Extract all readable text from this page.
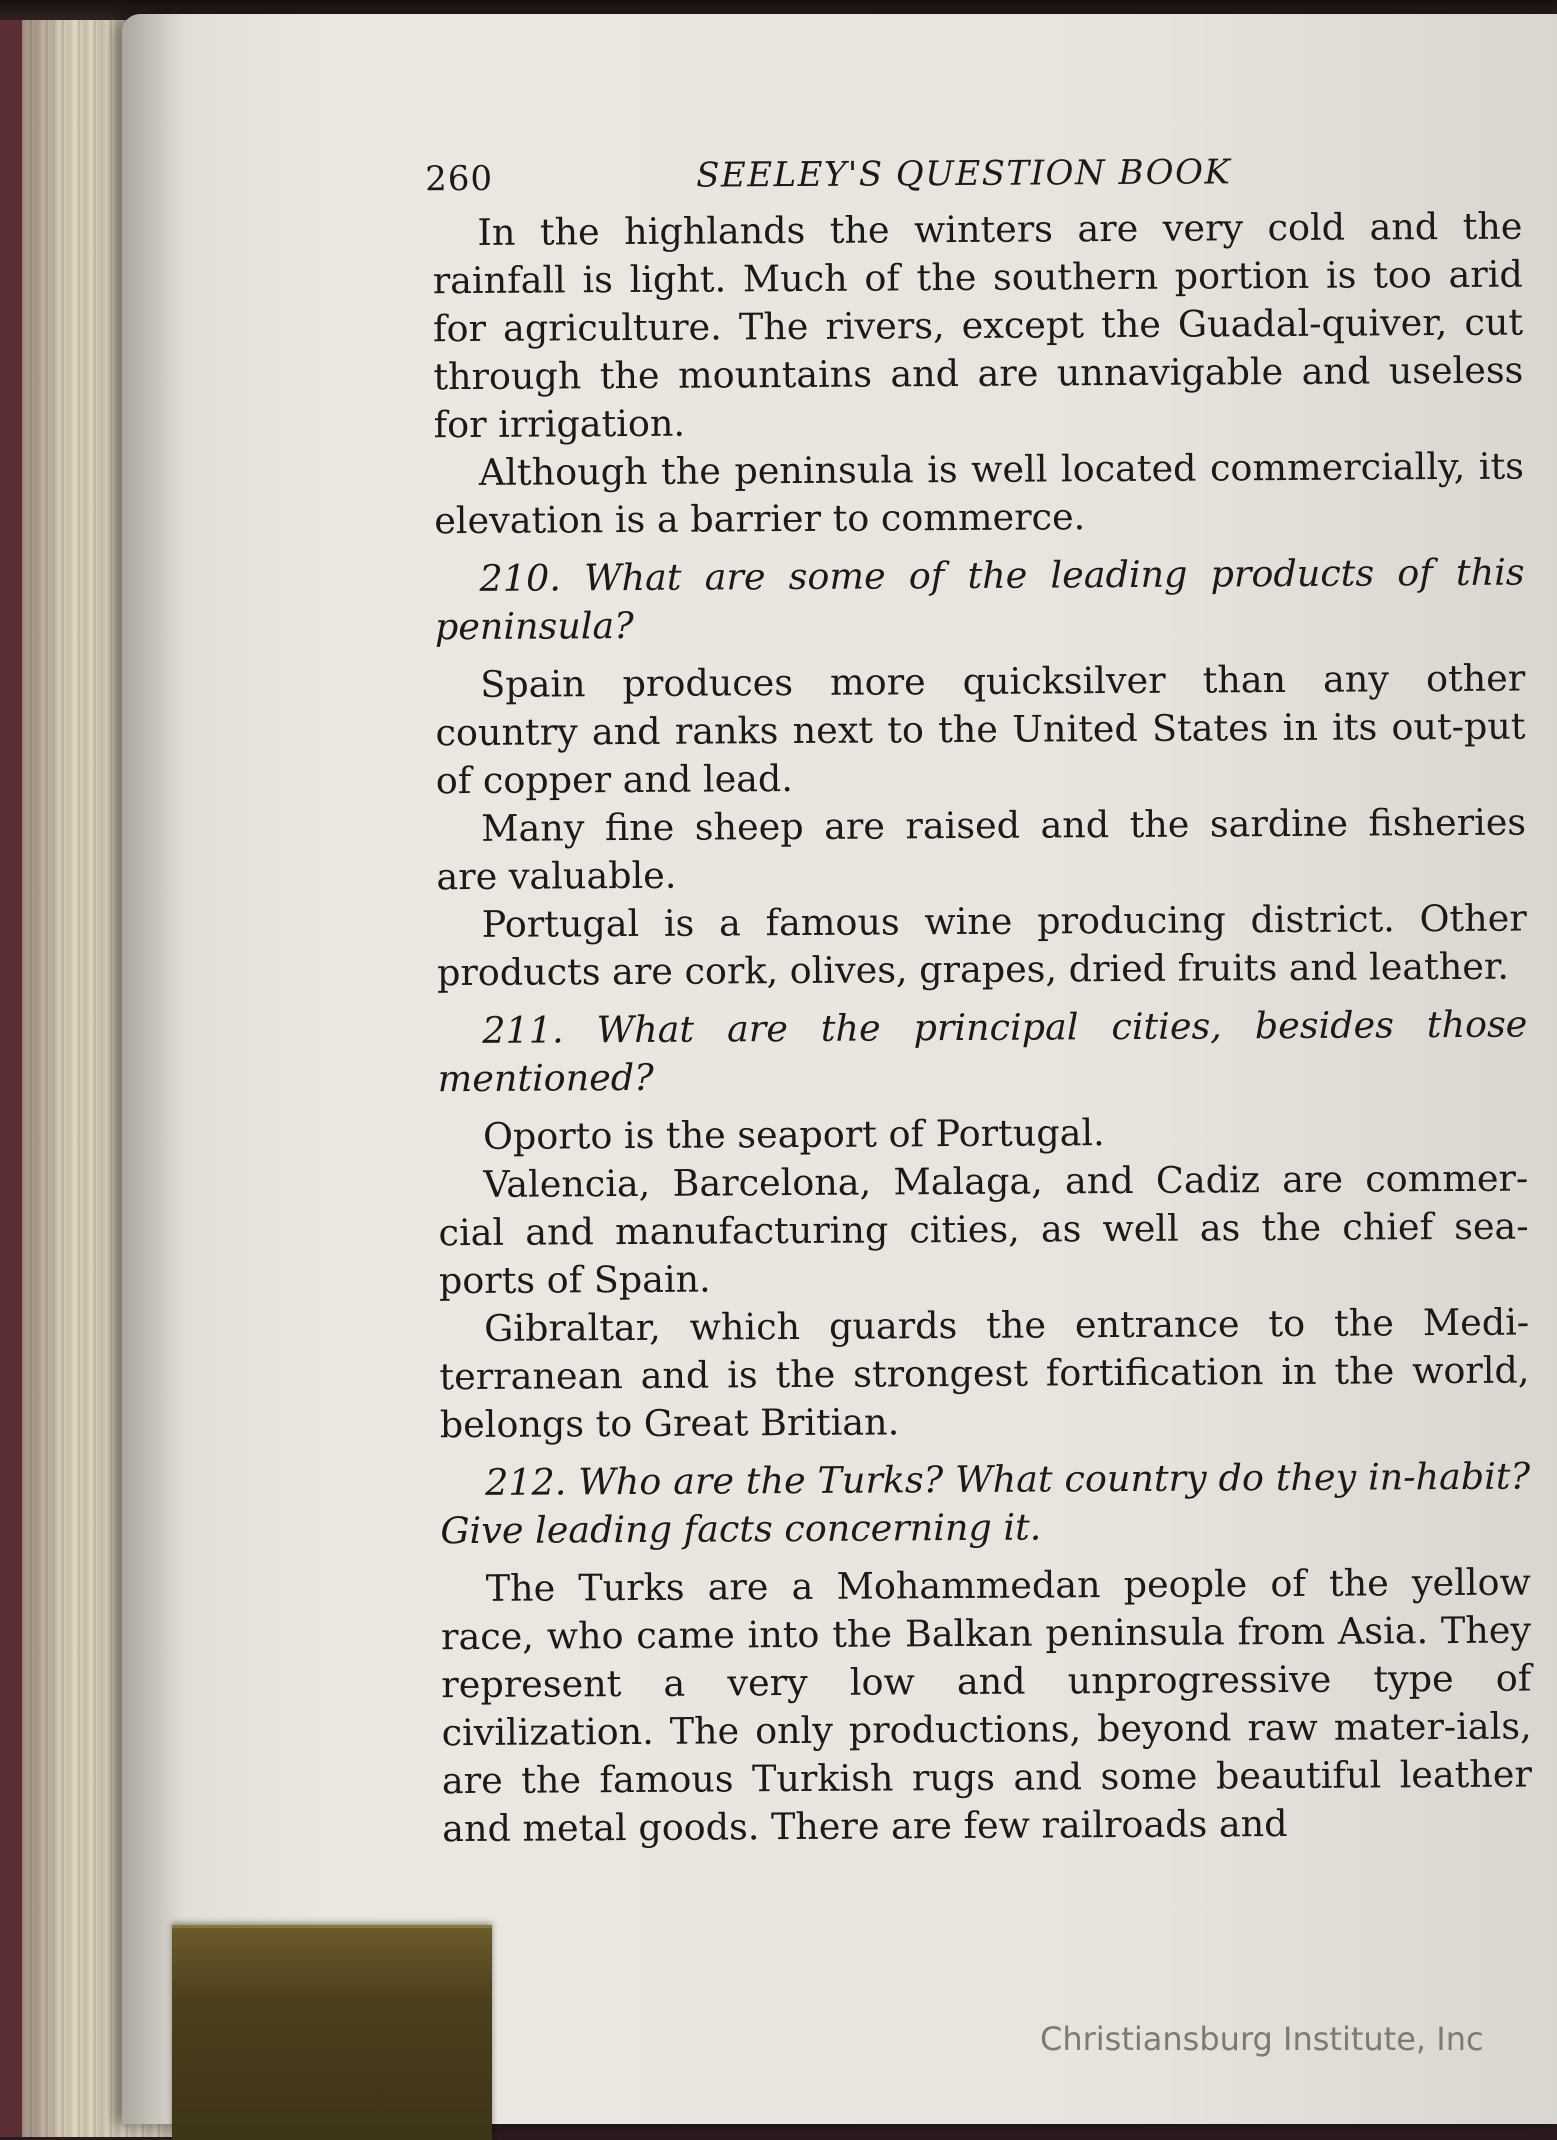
260	SEELEY'S QUESTION BOOK

In the highlands the winters are very cold and the rainfall is light. Much of the southern portion is too arid for agriculture. The rivers, except the Guadal-quiver, cut through the mountains and are unnavigable and useless for irrigation.

Although the peninsula is well located commercially, its elevation is a barrier to commerce.

210. What are some of the leading products of this peninsula?

Spain produces more quicksilver than any other country and ranks next to the United States in its out-put of copper and lead.

Many fine sheep are raised and the sardine fisheries are valuable.

Portugal is a famous wine producing district. Other products are cork, olives, grapes, dried fruits and leather.

211. What are the principal cities, besides those mentioned?

Oporto is the seaport of Portugal.

Valencia, Barcelona, Malaga, and Cadiz are commer-cial and manufacturing cities, as well as the chief sea-ports of Spain.

Gibraltar, which guards the entrance to the Medi-terranean and is the strongest fortification in the world, belongs to Great Britian.

212. Who are the Turks? What country do they in-habit? Give leading facts concerning it.

The Turks are a Mohammedan people of the yellow race, who came into the Balkan peninsula from Asia. They represent a very low and unprogressive type of civilization. The only productions, beyond raw mater-ials, are the famous Turkish rugs and some beautiful leather and metal goods. There are few railroads and

Christiansburg Institute, Inc
